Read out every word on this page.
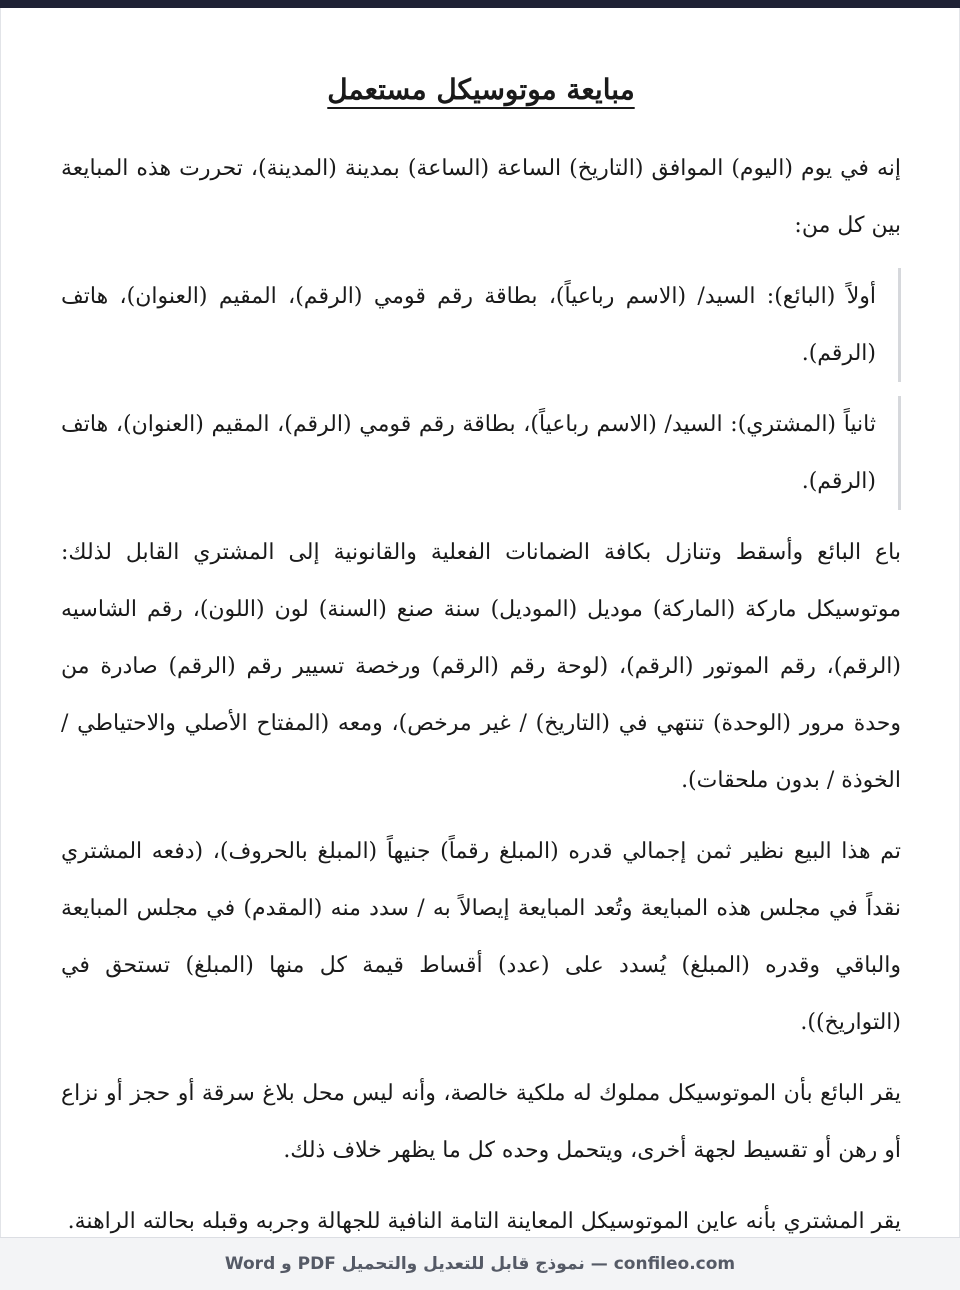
مبايعة موتوسيكل مستعمل

إنه في يوم (اليوم) الموافق (التاريخ) الساعة (الساعة) بمدينة (المدينة)، تحررت هذه المبايعة بين كل من:

أولاً (البائع): السيد/ (الاسم رباعياً)، بطاقة رقم قومي (الرقم)، المقيم (العنوان)، هاتف (الرقم).

ثانياً (المشتري): السيد/ (الاسم رباعياً)، بطاقة رقم قومي (الرقم)، المقيم (العنوان)، هاتف (الرقم).

باع البائع وأسقط وتنازل بكافة الضمانات الفعلية والقانونية إلى المشتري القابل لذلك: موتوسيكل ماركة (الماركة) موديل (الموديل) سنة صنع (السنة) لون (اللون)، رقم الشاسيه (الرقم)، رقم الموتور (الرقم)، (لوحة رقم (الرقم) ورخصة تسيير رقم (الرقم) صادرة من وحدة مرور (الوحدة) تنتهي في (التاريخ) / غير مرخص)، ومعه (المفتاح الأصلي والاحتياطي / الخوذة / بدون ملحقات).

تم هذا البيع نظير ثمن إجمالي قدره (المبلغ رقماً) جنيهاً (المبلغ بالحروف)، (دفعه المشتري نقداً في مجلس هذه المبايعة وتُعد المبايعة إيصالاً به / سدد منه (المقدم) في مجلس المبايعة والباقي وقدره (المبلغ) يُسدد على (عدد) أقساط قيمة كل منها (المبلغ) تستحق في (التواريخ)).

يقر البائع بأن الموتوسيكل مملوك له ملكية خالصة، وأنه ليس محل بلاغ سرقة أو حجز أو نزاع أو رهن أو تقسيط لجهة أخرى، ويتحمل وحده كل ما يظهر خلاف ذلك.

يقر المشتري بأنه عاين الموتوسيكل المعاينة التامة النافية للجهالة وجربه وقبله بحالته الراهنة.

confileo.com
—
نموذج قابل للتعديل والتحميل PDF و Word
